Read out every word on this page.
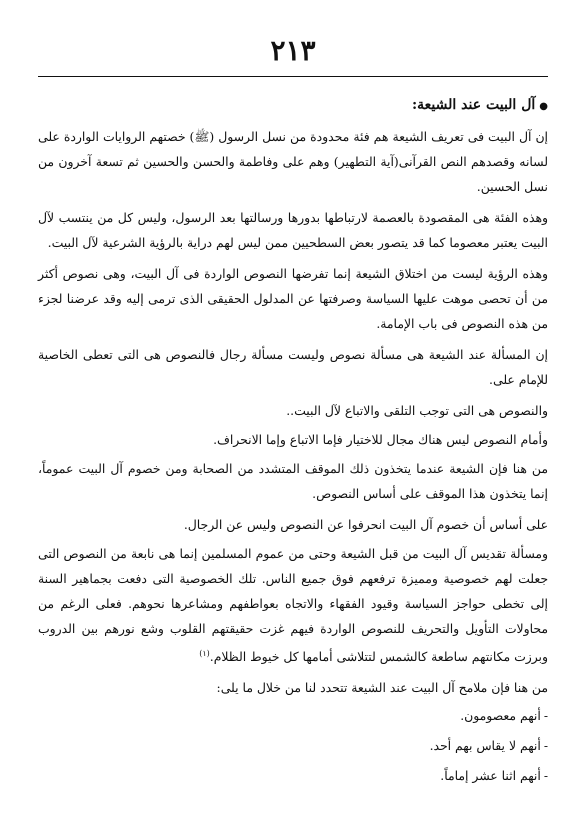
٢١٣
●آل البيت عند الشيعة:

إن آل البيت فى تعريف الشيعة هم فئة محدودة من نسل الرسول (ﷺ) خصتهم الروايات الواردة على لسانه وقصدهم النص القرآنى(آية التطهير) وهم على وفاطمة والحسن والحسين ثم تسعة آخرون من نسل الحسين.

وهذه الفئة هى المقصودة بالعصمة لارتباطها بدورها ورسالتها بعد الرسول، وليس كل من ينتسب لآل البيت يعتبر معصوما كما قد يتصور بعض السطحيين ممن ليس لهم دراية بالرؤية الشرعية لآل البيت.

وهذه الرؤية ليست من اختلاق الشيعة إنما تفرضها النصوص الواردة فى آل البيت، وهى نصوص أكثر من أن تحصى موهت عليها السياسة وصرفتها عن المدلول الحقيقى الذى ترمى إليه وقد عرضنا لجزء من هذه النصوص فى باب الإمامة.

إن المسألة عند الشيعة هى مسألة نصوص وليست مسألة رجال فالنصوص هى التى تعطى الخاصية للإمام على.

والنصوص هى التى توجب التلقى والاتباع لآل البيت..

وأمام النصوص ليس هناك مجال للاختيار فإما الاتباع وإما الانحراف.

من هنا فإن الشيعة عندما يتخذون ذلك الموقف المتشدد من الصحابة ومن خصوم آل البيت عموماً، إنما يتخذون هذا الموقف على أساس النصوص.

على أساس أن خصوم آل البيت انحرفوا عن النصوص وليس عن الرجال.

ومسألة تقديس آل البيت من قبل الشيعة وحتى من عموم المسلمين إنما هى نابعة من النصوص التى جعلت لهم خصوصية ومميزة ترفعهم فوق جميع الناس. تلك الخصوصية التى دفعت بجماهير السنة إلى تخطى حواجز السياسة وقيود الفقهاء والاتجاه بعواطفهم ومشاعرها نحوهم. فعلى الرغم من محاولات التأويل والتحريف للنصوص الواردة فيهم غزت حقيقتهم القلوب وشع نورهم بين الدروب وبرزت مكانتهم ساطعة كالشمس لتتلاشى أمامها كل خيوط الظلام.$^{(١)}$

من هنا فإن ملامح آل البيت عند الشيعة تتحدد لنا من خلال ما يلى:

-أنهم معصومون.
-أنهم لا يقاس بهم أحد.
-أنهم اثنا عشر إماماً.
